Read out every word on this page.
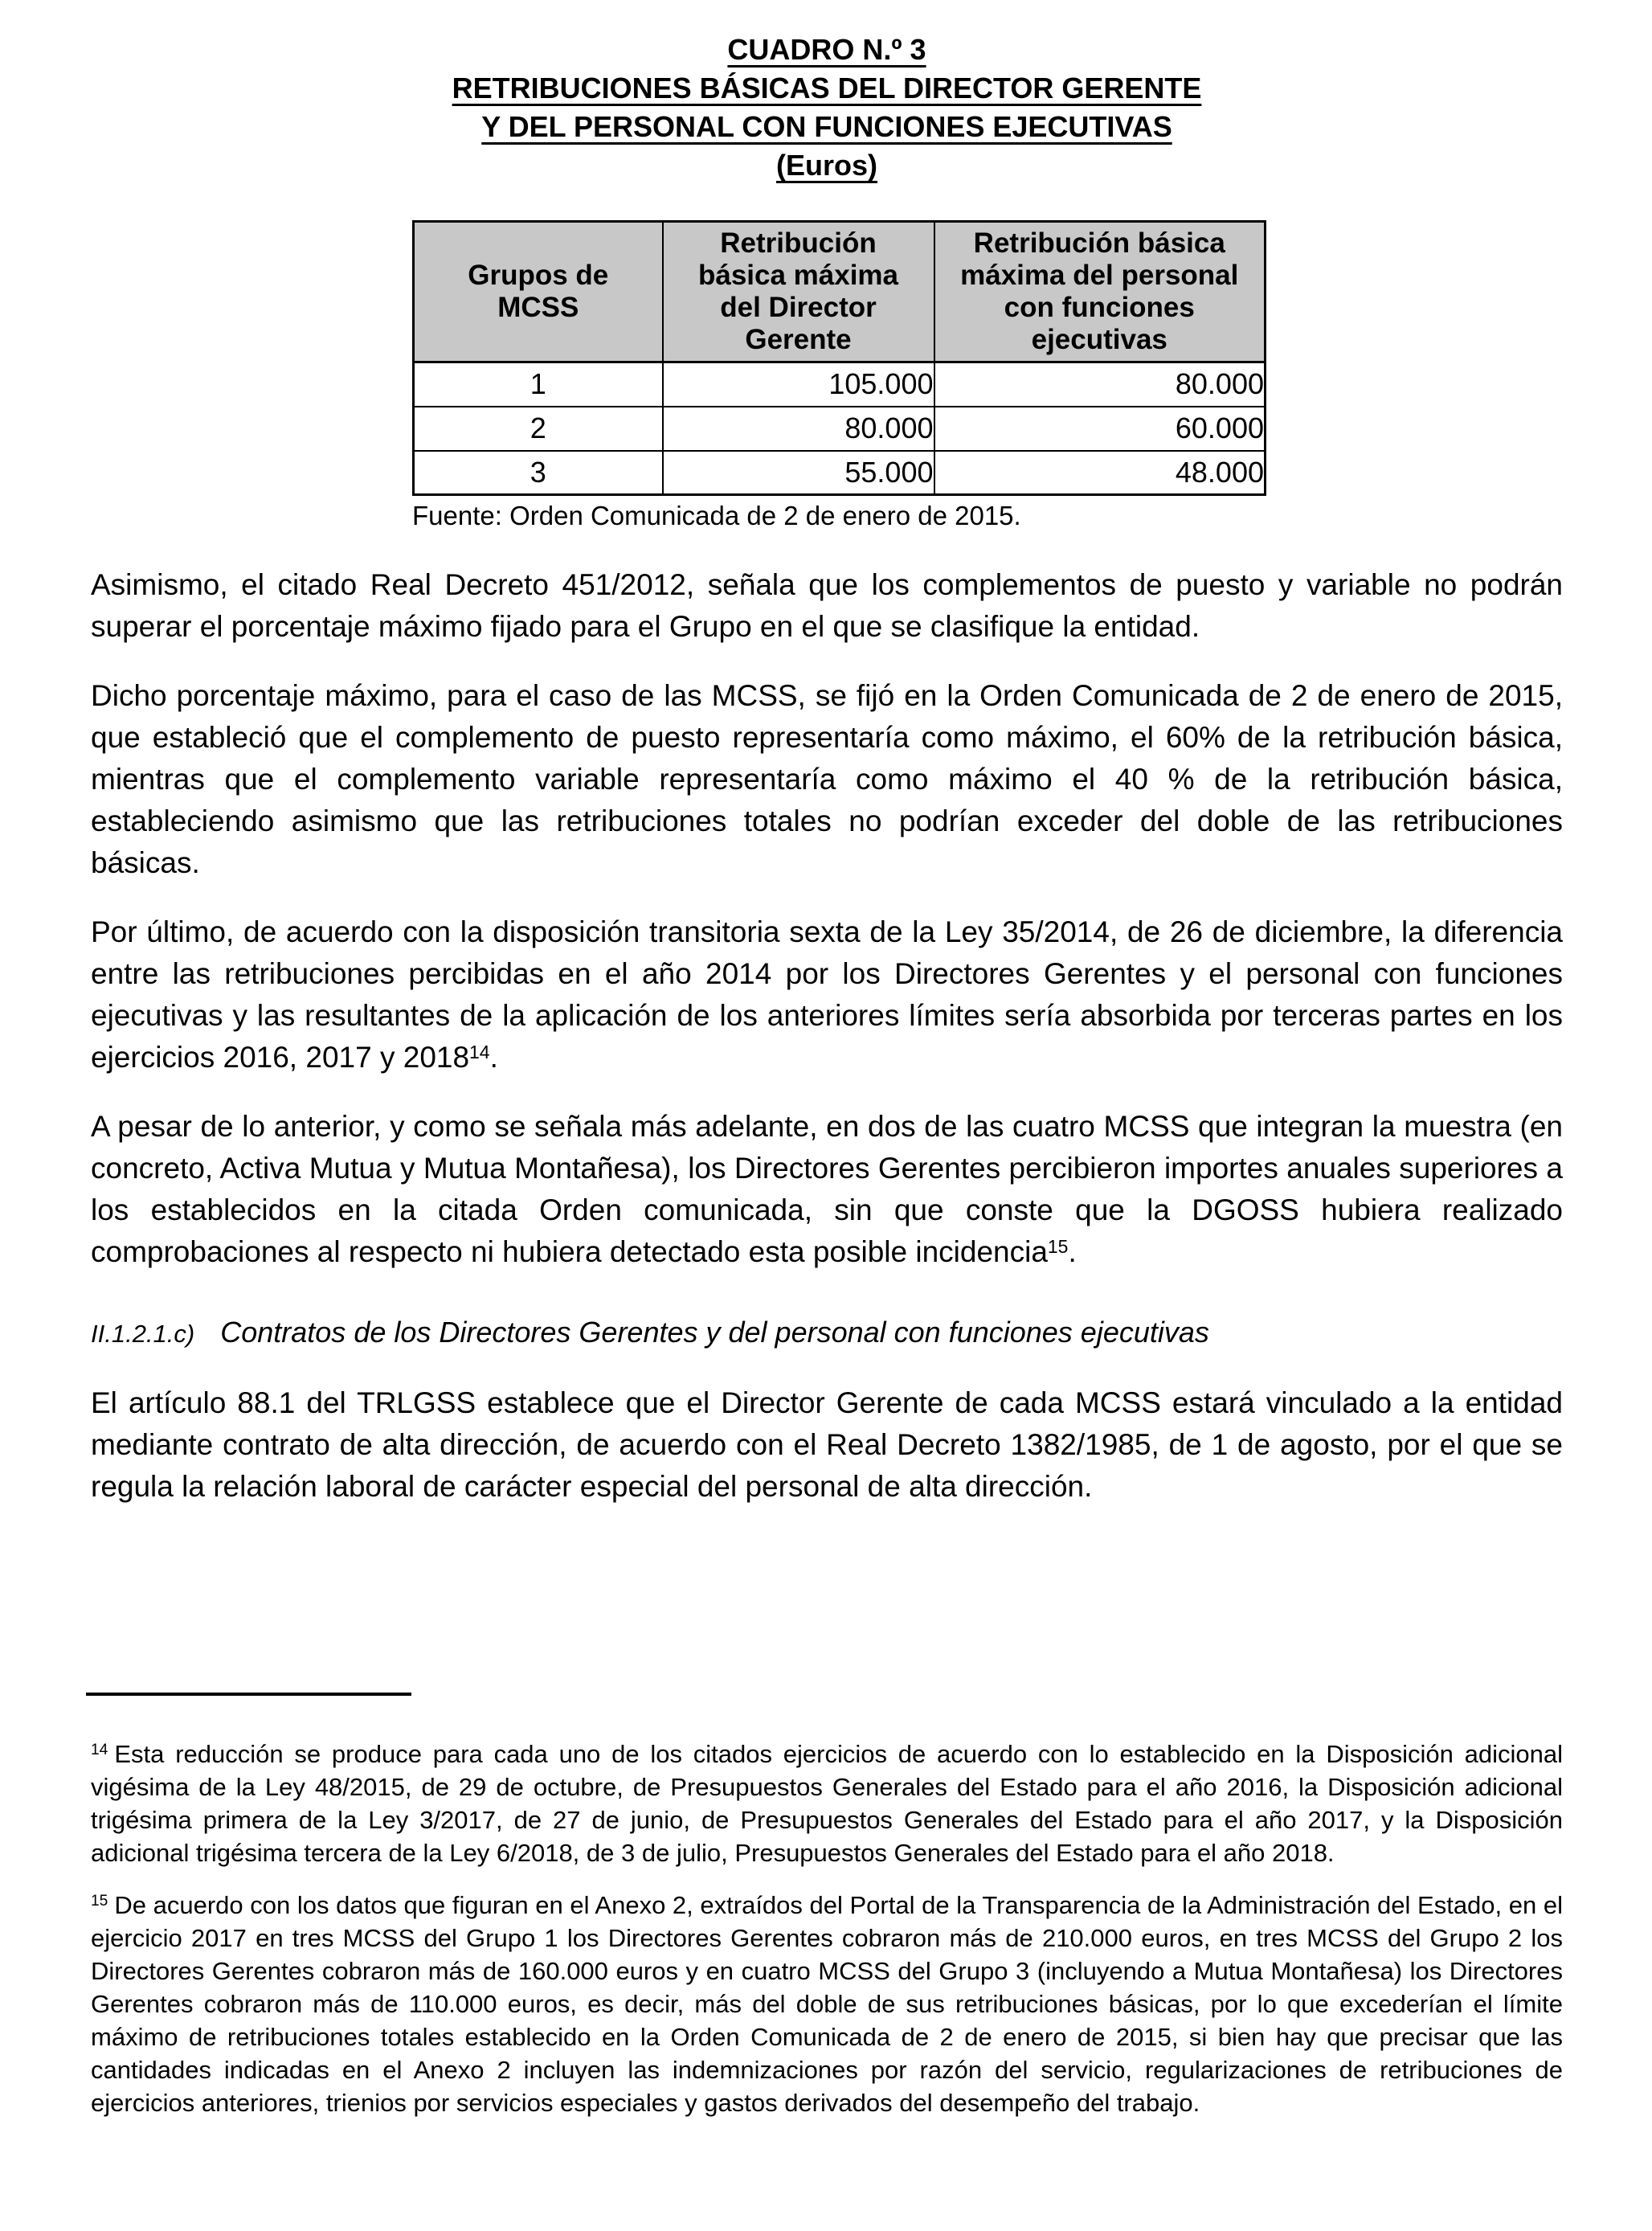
CUADRO N.º 3
RETRIBUCIONES BÁSICAS DEL DIRECTOR GERENTE
Y DEL PERSONAL CON FUNCIONES EJECUTIVAS
(Euros)
Grupos de MCSS	Retribución básica máxima del Director Gerente	Retribución básica máxima del personal con funciones ejecutivas
1	105.000	80.000
2	80.000	60.000
3	55.000	48.000
Fuente: Orden Comunicada de 2 de enero de 2015.

Asimismo, el citado Real Decreto 451/2012, señala que los complementos de puesto y variable no podrán superar el porcentaje máximo fijado para el Grupo en el que se clasifique la entidad.

Dicho porcentaje máximo, para el caso de las MCSS, se fijó en la Orden Comunicada de 2 de enero de 2015, que estableció que el complemento de puesto representaría como máximo, el 60% de la retribución básica, mientras que el complemento variable representaría como máximo el 40 % de la retribución básica, estableciendo asimismo que las retribuciones totales no podrían exceder del doble de las retribuciones básicas.

Por último, de acuerdo con la disposición transitoria sexta de la Ley 35/2014, de 26 de diciembre, la diferencia entre las retribuciones percibidas en el año 2014 por los Directores Gerentes y el personal con funciones ejecutivas y las resultantes de la aplicación de los anteriores límites sería absorbida por terceras partes en los ejercicios 2016, 2017 y 2018$^{14}$.

A pesar de lo anterior, y como se señala más adelante, en dos de las cuatro MCSS que integran la muestra (en concreto, Activa Mutua y Mutua Montañesa), los Directores Gerentes percibieron importes anuales superiores a los establecidos en la citada Orden comunicada, sin que conste que la DGOSS hubiera realizado comprobaciones al respecto ni hubiera detectado esta posible incidencia$^{15}$.

II.1.2.1.c) Contratos de los Directores Gerentes y del personal con funciones ejecutivas

El artículo 88.1 del TRLGSS establece que el Director Gerente de cada MCSS estará vinculado a la entidad mediante contrato de alta dirección, de acuerdo con el Real Decreto 1382/1985, de 1 de agosto, por el que se regula la relación laboral de carácter especial del personal de alta dirección.

$^{14}$ Esta reducción se produce para cada uno de los citados ejercicios de acuerdo con lo establecido en la Disposición adicional vigésima de la Ley 48/2015, de 29 de octubre, de Presupuestos Generales del Estado para el año 2016, la Disposición adicional trigésima primera de la Ley 3/2017, de 27 de junio, de Presupuestos Generales del Estado para el año 2017, y la Disposición adicional trigésima tercera de la Ley 6/2018, de 3 de julio, Presupuestos Generales del Estado para el año 2018.

$^{15}$ De acuerdo con los datos que figuran en el Anexo 2, extraídos del Portal de la Transparencia de la Administración del Estado, en el ejercicio 2017 en tres MCSS del Grupo 1 los Directores Gerentes cobraron más de 210.000 euros, en tres MCSS del Grupo 2 los Directores Gerentes cobraron más de 160.000 euros y en cuatro MCSS del Grupo 3 (incluyendo a Mutua Montañesa) los Directores Gerentes cobraron más de 110.000 euros, es decir, más del doble de sus retribuciones básicas, por lo que excederían el límite máximo de retribuciones totales establecido en la Orden Comunicada de 2 de enero de 2015, si bien hay que precisar que las cantidades indicadas en el Anexo 2 incluyen las indemnizaciones por razón del servicio, regularizaciones de retribuciones de ejercicios anteriores, trienios por servicios especiales y gastos derivados del desempeño del trabajo.
